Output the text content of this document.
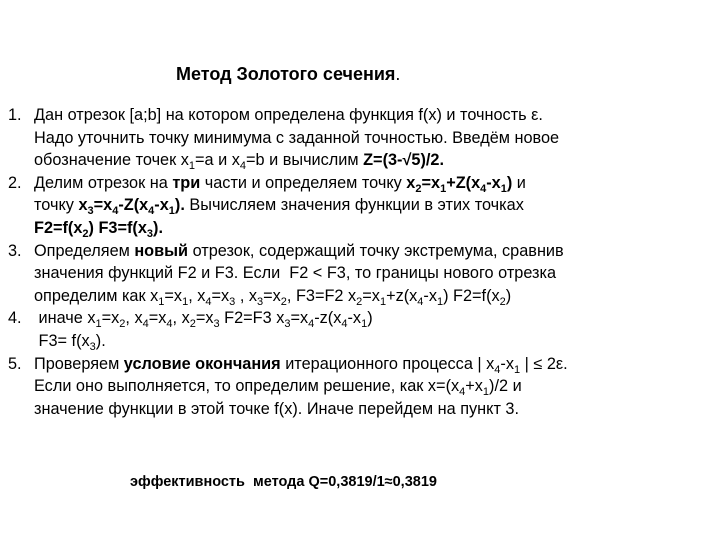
Метод Золотого сечения.
1. Дан отрезок [a;b] на котором определена функция f(x) и точность ε.
Надо уточнить точку минимума с заданной точностью. Введём новое
обозначение точек $x_1=a$ и $x_4=b$ и вычислим Z=(3-√5)/2.
2. Делим отрезок на три части и определяем точку $x_2=x_1+Z(x_4-x_1)$ и
точку $x_3=x_4-Z(x_4-x_1)$. Вычисляем значения функции в этих точках
$F2=f(x_2)$ $F3=f(x_3)$.
3. Определяем новый отрезок, содержащий точку экстремума, сравнив
значения функций F2 и F3. Если  F2 < F3, то границы нового отрезка
определим как $x_1=x_1$, $x_4=x_3$ , $x_3=x_2$, F3=F2 $x_2=x_1+z(x_4-x_1)$ $F2=f(x_2)$
4. иначе $x_1=x_2$, $x_4=x_4$, $x_2=x_3$ F2=F3 $x_3=x_4-z(x_4-x_1)$
$F3= f(x_3)$.
5. Проверяем условие окончания итерационного процесса | $x_4-x_1$ | ≤ 2ε.
Если оно выполняется, то определим решение, как $x=(x_4+x_1)/2$ и
значение функции в этой точке f(x). Иначе перейдем на пункт 3.
эффективность  метода Q=0,3819/1≈0,3819
